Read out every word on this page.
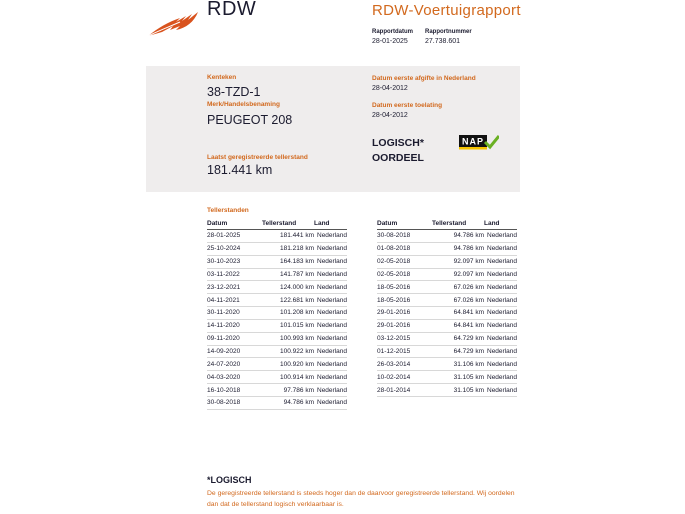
RDW	RDW-Voertuigrapport
Rapportdatum
28-01-2025
Rapportnummer
27.738.601
Kenteken
38-TZD-1
Merk/Handelsbenaming
PEUGEOT 208
Laatst geregistreerde tellerstand
181.441 km
Datum eerste afgifte in Nederland
28-04-2012
Datum eerste toelating
28-04-2012
LOGISCH*
OORDEEL
NAP
Tellerstanden
Datum	Tellerstand	Land
28-01-2025	181.441 km	Nederland
25-10-2024	181.218 km	Nederland
30-10-2023	164.183 km	Nederland
03-11-2022	141.787 km	Nederland
23-12-2021	124.000 km	Nederland
04-11-2021	122.681 km	Nederland
30-11-2020	101.208 km	Nederland
14-11-2020	101.015 km	Nederland
09-11-2020	100.993 km	Nederland
14-09-2020	100.922 km	Nederland
24-07-2020	100.920 km	Nederland
04-03-2020	100.914 km	Nederland
16-10-2018	97.786 km	Nederland
30-08-2018	94.786 km	Nederland
Datum	Tellerstand	Land
30-08-2018	94.786 km	Nederland
01-08-2018	94.786 km	Nederland
02-05-2018	92.097 km	Nederland
02-05-2018	92.097 km	Nederland
18-05-2016	67.026 km	Nederland
18-05-2016	67.026 km	Nederland
29-01-2016	64.841 km	Nederland
29-01-2016	64.841 km	Nederland
03-12-2015	64.729 km	Nederland
01-12-2015	64.729 km	Nederland
26-03-2014	31.106 km	Nederland
10-02-2014	31.105 km	Nederland
28-01-2014	31.105 km	Nederland
*LOGISCH
De geregistreerde tellerstand is steeds hoger dan de daarvoor geregistreerde tellerstand. Wij oordelen dan dat de tellerstand logisch verklaarbaar is.
